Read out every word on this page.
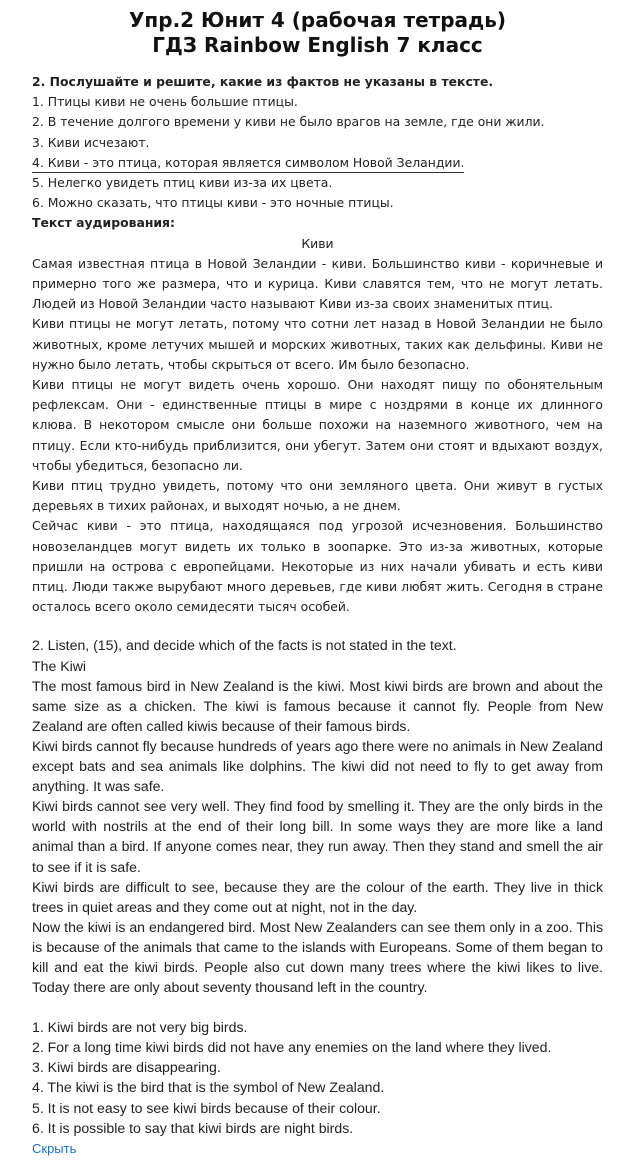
Упр.2 Юнит 4 (рабочая тетрадь)
ГДЗ Rainbow English 7 класс
2. Послушайте и решите, какие из фактов не указаны в тексте.
1. Птицы киви не очень большие птицы.
2. В течение долгого времени у киви не было врагов на земле, где они жили.
3. Киви исчезают.
4. Киви - это птица, которая является символом Новой Зеландии.
5. Нелегко увидеть птиц киви из-за их цвета.
6. Можно сказать, что птицы киви - это ночные птицы.
Текст аудирования:
Киви
Самая известная птица в Новой Зеландии - киви. Большинство киви - коричневые и примерно того же размера, что и курица. Киви славятся тем, что не могут летать. Людей из Новой Зеландии часто называют Киви из-за своих знаменитых птиц.
Киви птицы не могут летать, потому что сотни лет назад в Новой Зеландии не было животных, кроме летучих мышей и морских животных, таких как дельфины. Киви не нужно было летать, чтобы скрыться от всего. Им было безопасно.
Киви птицы не могут видеть очень хорошо. Они находят пищу по обонятельным рефлексам. Они - единственные птицы в мире с ноздрями в конце их длинного клюва. В некотором смысле они больше похожи на наземного животного, чем на птицу. Если кто-нибудь приблизится, они убегут. Затем они стоят и вдыхают воздух, чтобы убедиться, безопасно ли.
Киви птиц трудно увидеть, потому что они земляного цвета. Они живут в густых деревьях в тихих районах, и выходят ночью, а не днем.
Сейчас киви - это птица, находящаяся под угрозой исчезновения. Большинство новозеландцев могут видеть их только в зоопарке. Это из-за животных, которые пришли на острова с европейцами. Некоторые из них начали убивать и есть киви птиц. Люди также вырубают много деревьев, где киви любят жить. Сегодня в стране осталось всего около семидесяти тысяч особей.
2. Listen, (15), and decide which of the facts is not stated in the text.
The Kiwi
The most famous bird in New Zealand is the kiwi. Most kiwi birds are brown and about the same size as a chicken. The kiwi is famous because it cannot fly. People from New Zealand are often called kiwis because of their famous birds.
Kiwi birds cannot fly because hundreds of years ago there were no animals in New Zealand except bats and sea animals like dolphins. The kiwi did not need to fly to get away from anything. It was safe.
Kiwi birds cannot see very well. They find food by smelling it. They are the only birds in the world with nostrils at the end of their long bill. In some ways they are more like a land animal than a bird. If anyone comes near, they run away. Then they stand and smell the air to see if it is safe.
Kiwi birds are difficult to see, because they are the colour of the earth. They live in thick trees in quiet areas and they come out at night, not in the day.
Now the kiwi is an endangered bird. Most New Zealanders can see them only in a zoo. This is because of the animals that came to the islands with Europeans. Some of them began to kill and eat the kiwi birds. People also cut down many trees where the kiwi likes to live. Today there are only about seventy thousand left in the country.
1. Kiwi birds are not very big birds.
2. For a long time kiwi birds did not have any enemies on the land where they lived.
3. Kiwi birds are disappearing.
4. The kiwi is the bird that is the symbol of New Zealand.
5. It is not easy to see kiwi birds because of their colour.
6. It is possible to say that kiwi birds are night birds.
Скрыть
